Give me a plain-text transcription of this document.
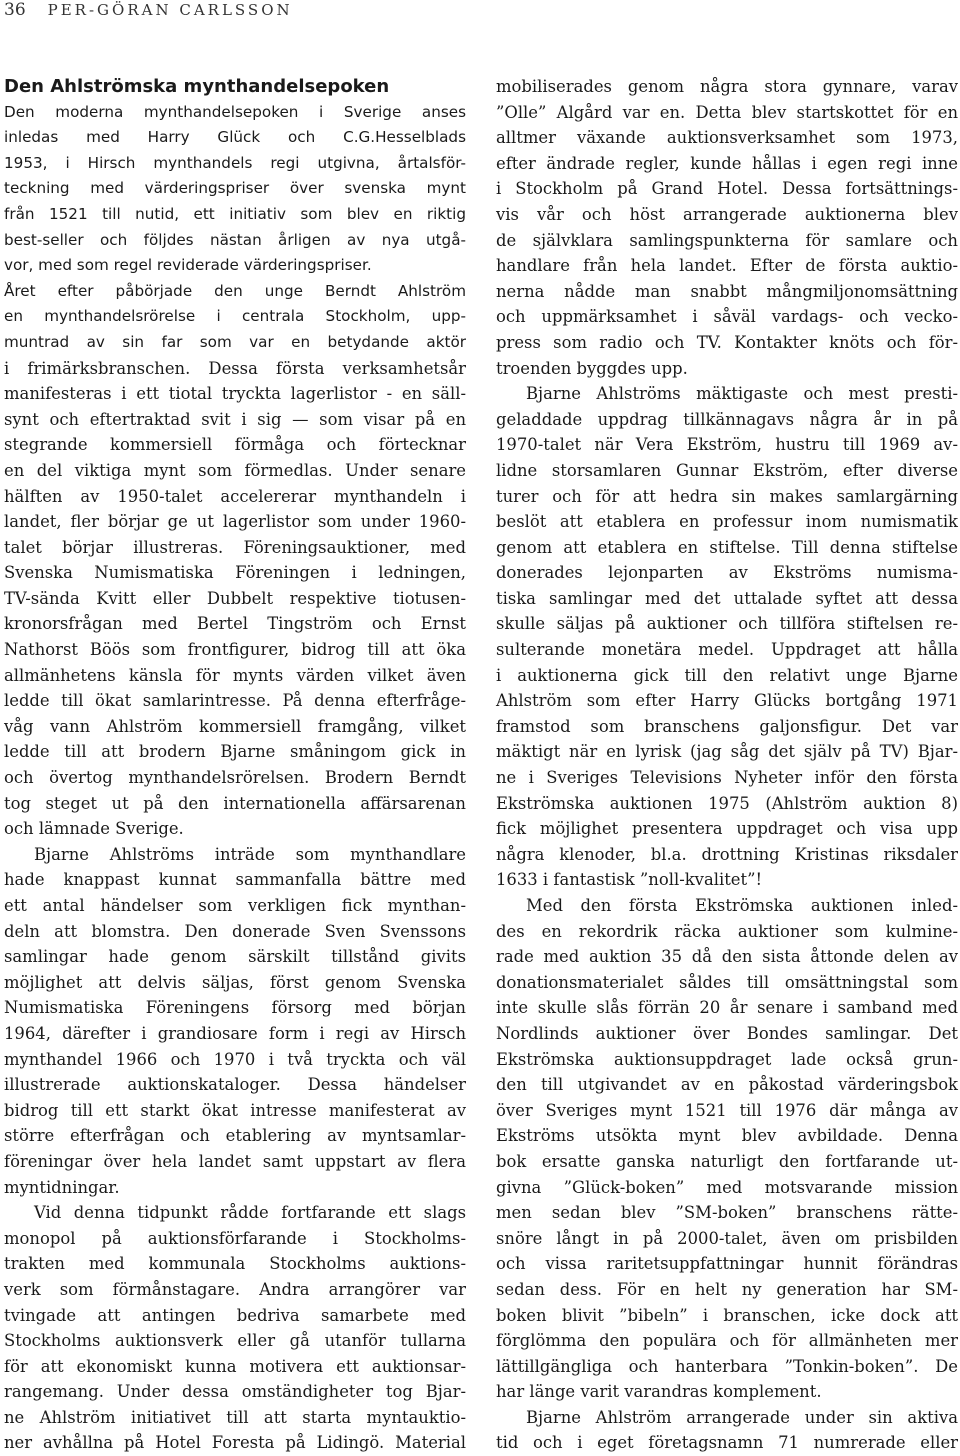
36 PER-GÖRAN CARLSSON
Den Ahlströmska mynthandelsepoken
Den moderna mynthandelsepoken i Sverige anses
inledas med Harry Glück och C.G.Hesselblads
1953, i Hirsch mynthandels regi utgivna, årtalsför-
teckning med värderingspriser över svenska mynt
från 1521 till nutid, ett initiativ som blev en riktig
best-seller och följdes nästan årligen av nya utgå-
vor, med som regel reviderade värderingspriser.
Året efter påbörjade den unge Berndt Ahlström
en mynthandelsrörelse i centrala Stockholm, upp-
muntrad av sin far som var en betydande aktör
i frimärksbranschen. Dessa första verksamhetsår
manifesteras i ett tiotal tryckta lagerlistor - en säll-
synt och eftertraktad svit i sig — som visar på en
stegrande kommersiell förmåga och förtecknar
en del viktiga mynt som förmedlas. Under senare
hälften av 1950-talet accelererar mynthandeln i
landet, fler börjar ge ut lagerlistor som under 1960-
talet börjar illustreras. Föreningsauktioner, med
Svenska Numismatiska Föreningen i ledningen,
TV-sända Kvitt eller Dubbelt respektive tiotusen-
kronorsfrågan med Bertel Tingström och Ernst
Nathorst Böös som frontfigurer, bidrog till att öka
allmänhetens känsla för mynts värden vilket även
ledde till ökat samlarintresse. På denna efterfråge-
våg vann Ahlström kommersiell framgång, vilket
ledde till att brodern Bjarne småningom gick in
och övertog mynthandelsrörelsen. Brodern Berndt
tog steget ut på den internationella affärsarenan
och lämnade Sverige.
Bjarne Ahlströms inträde som mynthandlare
hade knappast kunnat sammanfalla bättre med
ett antal händelser som verkligen fick mynthan-
deln att blomstra. Den donerade Sven Svenssons
samlingar hade genom särskilt tillstånd givits
möjlighet att delvis säljas, först genom Svenska
Numismatiska Föreningens försorg med början
1964, därefter i grandiosare form i regi av Hirsch
mynthandel 1966 och 1970 i två tryckta och väl
illustrerade auktionskataloger. Dessa händelser
bidrog till ett starkt ökat intresse manifesterat av
större efterfrågan och etablering av myntsamlar-
föreningar över hela landet samt uppstart av flera
myntidningar.
Vid denna tidpunkt rådde fortfarande ett slags
monopol på auktionsförfarande i Stockholms-
trakten med kommunala Stockholms auktions-
verk som förmånstagare. Andra arrangörer var
tvingade att antingen bedriva samarbete med
Stockholms auktionsverk eller gå utanför tullarna
för att ekonomiskt kunna motivera ett auktionsar-
rangemang. Under dessa omständigheter tog Bjar-
ne Ahlström initiativet till att starta myntauktio-
ner avhållna på Hotel Foresta på Lidingö. Material
mobiliserades genom några stora gynnare, varav
”Olle” Algård var en. Detta blev startskottet för en
alltmer växande auktionsverksamhet som 1973,
efter ändrade regler, kunde hållas i egen regi inne
i Stockholm på Grand Hotel. Dessa fortsättnings-
vis vår och höst arrangerade auktionerna blev
de självklara samlingspunkterna för samlare och
handlare från hela landet. Efter de första auktio-
nerna nådde man snabbt mångmiljonomsättning
och uppmärksamhet i såväl vardags- och vecko-
press som radio och TV. Kontakter knöts och för-
troenden byggdes upp.
Bjarne Ahlströms mäktigaste och mest presti-
geladdade uppdrag tillkännagavs några år in på
1970-talet när Vera Ekström, hustru till 1969 av-
lidne storsamlaren Gunnar Ekström, efter diverse
turer och för att hedra sin makes samlargärning
beslöt att etablera en professur inom numismatik
genom att etablera en stiftelse. Till denna stiftelse
donerades lejonparten av Ekströms numisma-
tiska samlingar med det uttalade syftet att dessa
skulle säljas på auktioner och tillföra stiftelsen re-
sulterande monetära medel. Uppdraget att hålla
i auktionerna gick till den relativt unge Bjarne
Ahlström som efter Harry Glücks bortgång 1971
framstod som branschens galjonsfigur. Det var
mäktigt när en lyrisk (jag såg det själv på TV) Bjar-
ne i Sveriges Televisions Nyheter inför den första
Ekströmska auktionen 1975 (Ahlström auktion 8)
fick möjlighet presentera uppdraget och visa upp
några klenoder, bl.a. drottning Kristinas riksdaler
1633 i fantastisk ”noll-kvalitet”!
Med den första Ekströmska auktionen inled-
des en rekordrik räcka auktioner som kulmine-
rade med auktion 35 då den sista åttonde delen av
donationsmaterialet såldes till omsättningstal som
inte skulle slås förrän 20 år senare i samband med
Nordlinds auktioner över Bondes samlingar. Det
Ekströmska auktionsuppdraget lade också grun-
den till utgivandet av en påkostad värderingsbok
över Sveriges mynt 1521 till 1976 där många av
Ekströms utsökta mynt blev avbildade. Denna
bok ersatte ganska naturligt den fortfarande ut-
givna ”Glück-boken” med motsvarande mission
men sedan blev ”SM-boken” branschens rätte-
snöre långt in på 2000-talet, även om prisbilden
och vissa raritetsuppfattningar hunnit förändras
sedan dess. För en helt ny generation har SM-
boken blivit ”bibeln” i branschen, icke dock att
förglömma den populära och för allmänheten mer
lättillgängliga och hanterbara ”Tonkin-boken”. De
har länge varit varandras komplement.
Bjarne Ahlström arrangerade under sin aktiva
tid och i eget företagsnamn 71 numrerade eller
